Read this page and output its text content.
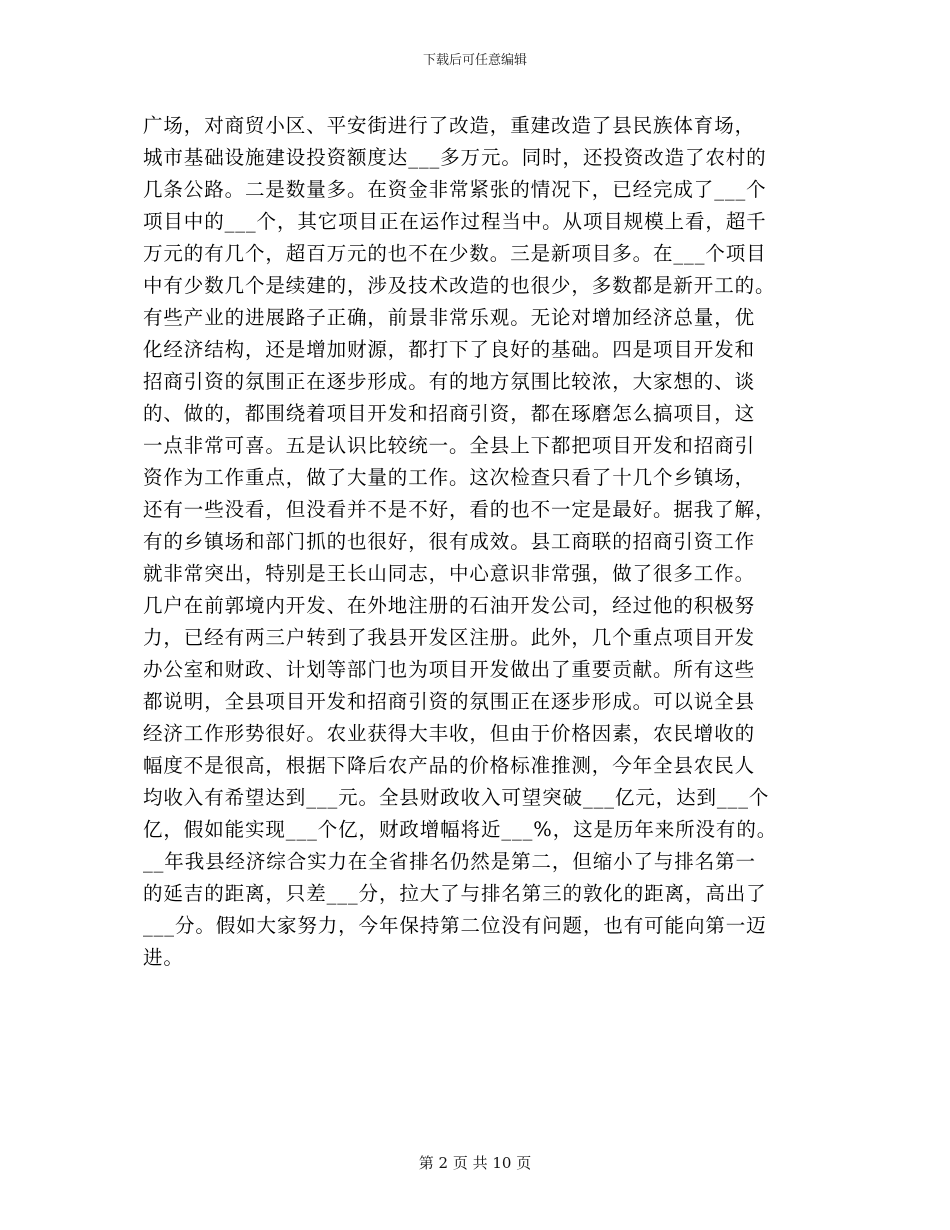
下载后可任意编辑
广场，对商贸小区、平安街进行了改造，重建改造了县民族体育场，
城市基础设施建设投资额度达___多万元。同时，还投资改造了农村的
几条公路。二是数量多。在资金非常紧张的情况下，已经完成了___个
项目中的___个，其它项目正在运作过程当中。从项目规模上看，超千
万元的有几个，超百万元的也不在少数。三是新项目多。在___个项目
中有少数几个是续建的，涉及技术改造的也很少，多数都是新开工的。
有些产业的进展路子正确，前景非常乐观。无论对增加经济总量，优
化经济结构，还是增加财源，都打下了良好的基础。四是项目开发和
招商引资的氛围正在逐步形成。有的地方氛围比较浓，大家想的、谈
的、做的，都围绕着项目开发和招商引资，都在琢磨怎么搞项目，这
一点非常可喜。五是认识比较统一。全县上下都把项目开发和招商引
资作为工作重点，做了大量的工作。这次检查只看了十几个乡镇场，
还有一些没看，但没看并不是不好，看的也不一定是最好。据我了解，
有的乡镇场和部门抓的也很好，很有成效。县工商联的招商引资工作
就非常突出，特别是王长山同志，中心意识非常强，做了很多工作。
几户在前郭境内开发、在外地注册的石油开发公司，经过他的积极努
力，已经有两三户转到了我县开发区注册。此外，几个重点项目开发
办公室和财政、计划等部门也为项目开发做出了重要贡献。所有这些
都说明，全县项目开发和招商引资的氛围正在逐步形成。可以说全县
经济工作形势很好。农业获得大丰收，但由于价格因素，农民增收的
幅度不是很高，根据下降后农产品的价格标准推测，今年全县农民人
均收入有希望达到___元。全县财政收入可望突破___亿元，达到___个
亿，假如能实现___个亿，财政增幅将近___%，这是历年来所没有的。
__年我县经济综合实力在全省排名仍然是第二，但缩小了与排名第一
的延吉的距离，只差___分，拉大了与排名第三的敦化的距离，高出了
___分。假如大家努力，今年保持第二位没有问题，也有可能向第一迈
进。
第 2 页 共 10 页
